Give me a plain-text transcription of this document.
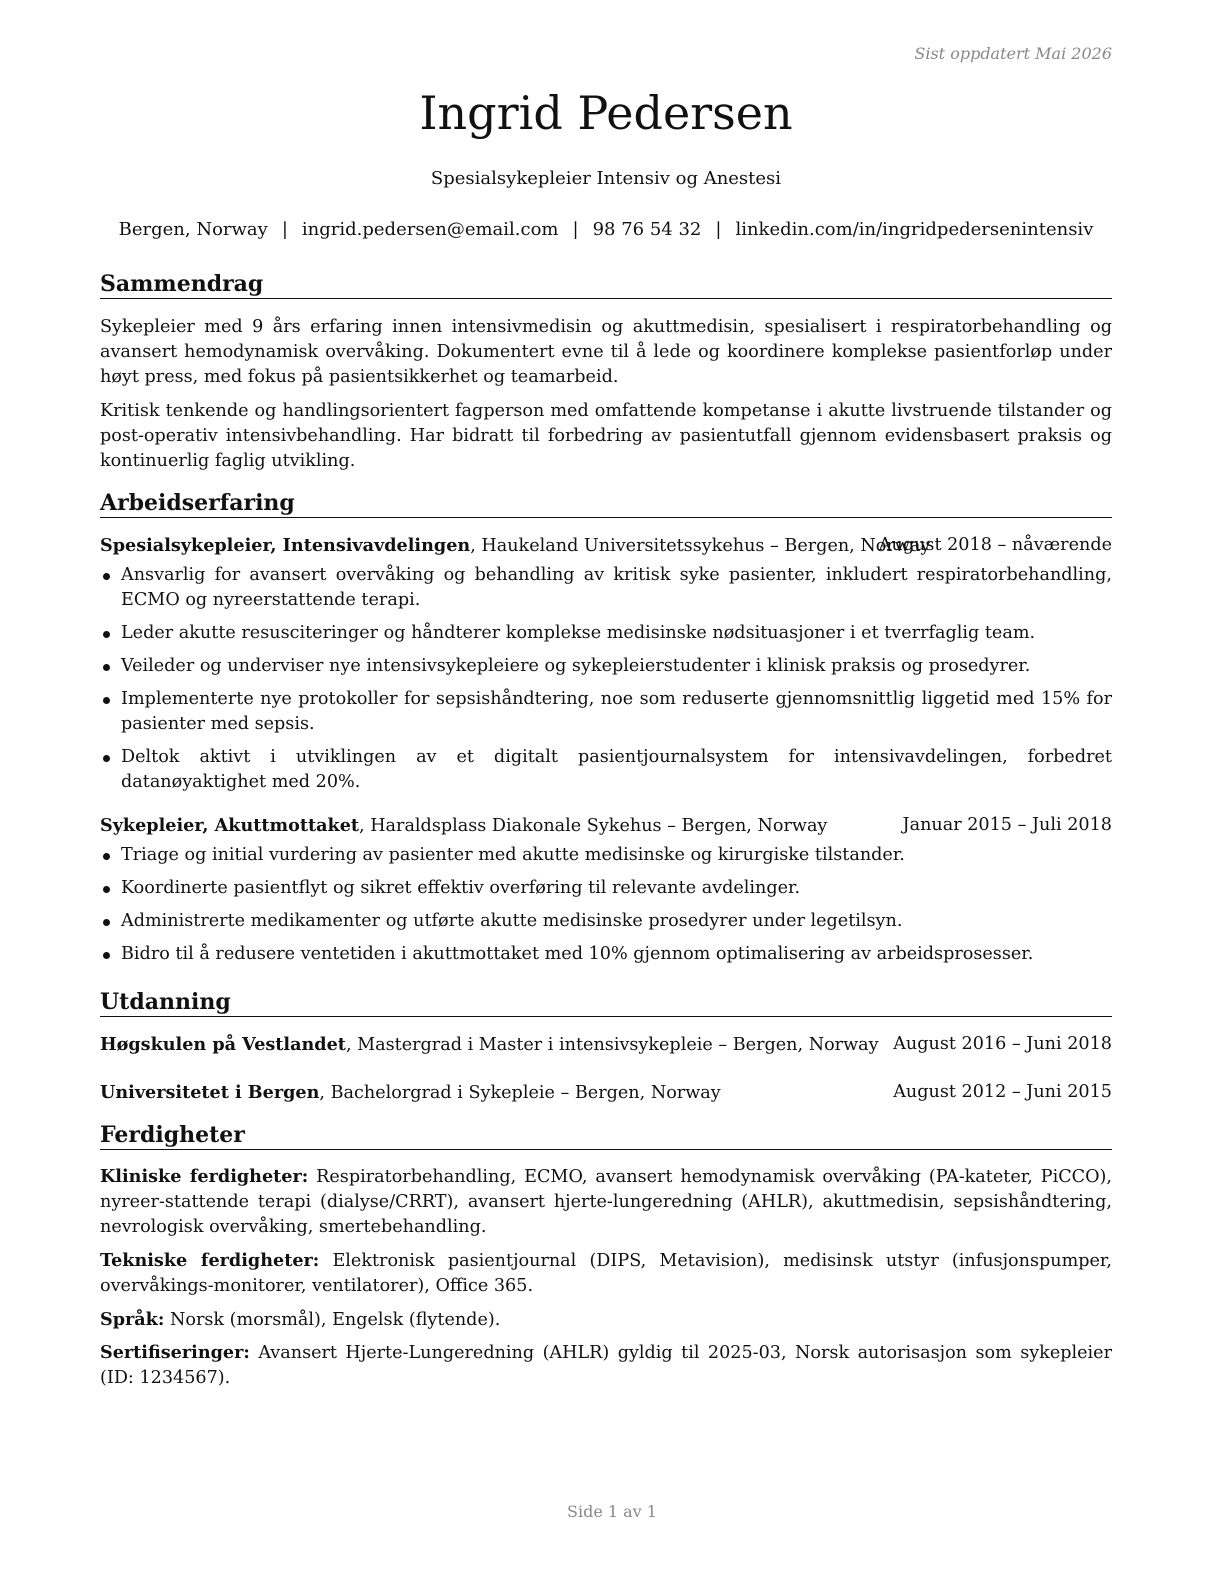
Sist oppdatert Mai 2026
Ingrid Pedersen
Spesialsykepleier Intensiv og Anestesi
Bergen, Norway | ingrid.pedersen@email.com | 98 76 54 32 | linkedin.com/in/ingridpedersenintensiv
Sammendrag

Sykepleier med 9 års erfaring innen intensivmedisin og akuttmedisin, spesialisert i respiratorbehandling og avansert hemodynamisk overvåking. Dokumentert evne til å lede og koordinere komplekse pasientforløp under høyt press, med fokus på pasientsikkerhet og teamarbeid.

Kritisk tenkende og handlingsorientert fagperson med omfattende kompetanse i akutte livstruende tilstander og post-operativ intensivbehandling. Har bidratt til forbedring av pasientutfall gjennom evidensbasert praksis og kontinuerlig faglig utvikling.

Arbeidserfaring
Spesialsykepleier, Intensivavdelingen, Haukeland Universitetssykehus – Bergen, Norway
August 2018 – nåværende
Ansvarlig for avansert overvåking og behandling av kritisk syke pasienter, inkludert respiratorbehandling, ECMO og nyreerstattende terapi.
Leder akutte resusciteringer og håndterer komplekse medisinske nødsituasjoner i et tverrfaglig team.
Veileder og underviser nye intensivsykepleiere og sykepleierstudenter i klinisk praksis og prosedyrer.
Implementerte nye protokoller for sepsishåndtering, noe som reduserte gjennomsnittlig liggetid med 15% for pasienter med sepsis.
Deltok aktivt i utviklingen av et digitalt pasientjournalsystem for intensivavdelingen, forbedret datanøyaktighet med 20%.
Sykepleier, Akuttmottaket, Haraldsplass Diakonale Sykehus – Bergen, Norway	Januar 2015 – Juli 2018
Triage og initial vurdering av pasienter med akutte medisinske og kirurgiske tilstander.
Koordinerte pasientflyt og sikret effektiv overføring til relevante avdelinger.
Administrerte medikamenter og utførte akutte medisinske prosedyrer under legetilsyn.
Bidro til å redusere ventetiden i akuttmottaket med 10% gjennom optimalisering av arbeidsprosesser.
Utdanning
Høgskulen på Vestlandet, Mastergrad i Master i intensivsykepleie – Bergen, Norway August 2016 – Juni 2018
Universitetet i Bergen, Bachelorgrad i Sykepleie – Bergen, Norway	August 2012 – Juni 2015
Ferdigheter

Kliniske ferdigheter: Respiratorbehandling, ECMO, avansert hemodynamisk overvåking (PA-kateter, PiCCO), nyreer-stattende terapi (dialyse/CRRT), avansert hjerte-lungeredning (AHLR), akuttmedisin, sepsishåndtering, nevrologisk overvåking, smertebehandling.

Tekniske ferdigheter: Elektronisk pasientjournal (DIPS, Metavision), medisinsk utstyr (infusjonspumper, overvåkings-monitorer, ventilatorer), Office 365.

Språk: Norsk (morsmål), Engelsk (flytende).

Sertifiseringer: Avansert Hjerte-Lungeredning (AHLR) gyldig til 2025-03, Norsk autorisasjon som sykepleier (ID: 1234567).

Side 1 av 1
